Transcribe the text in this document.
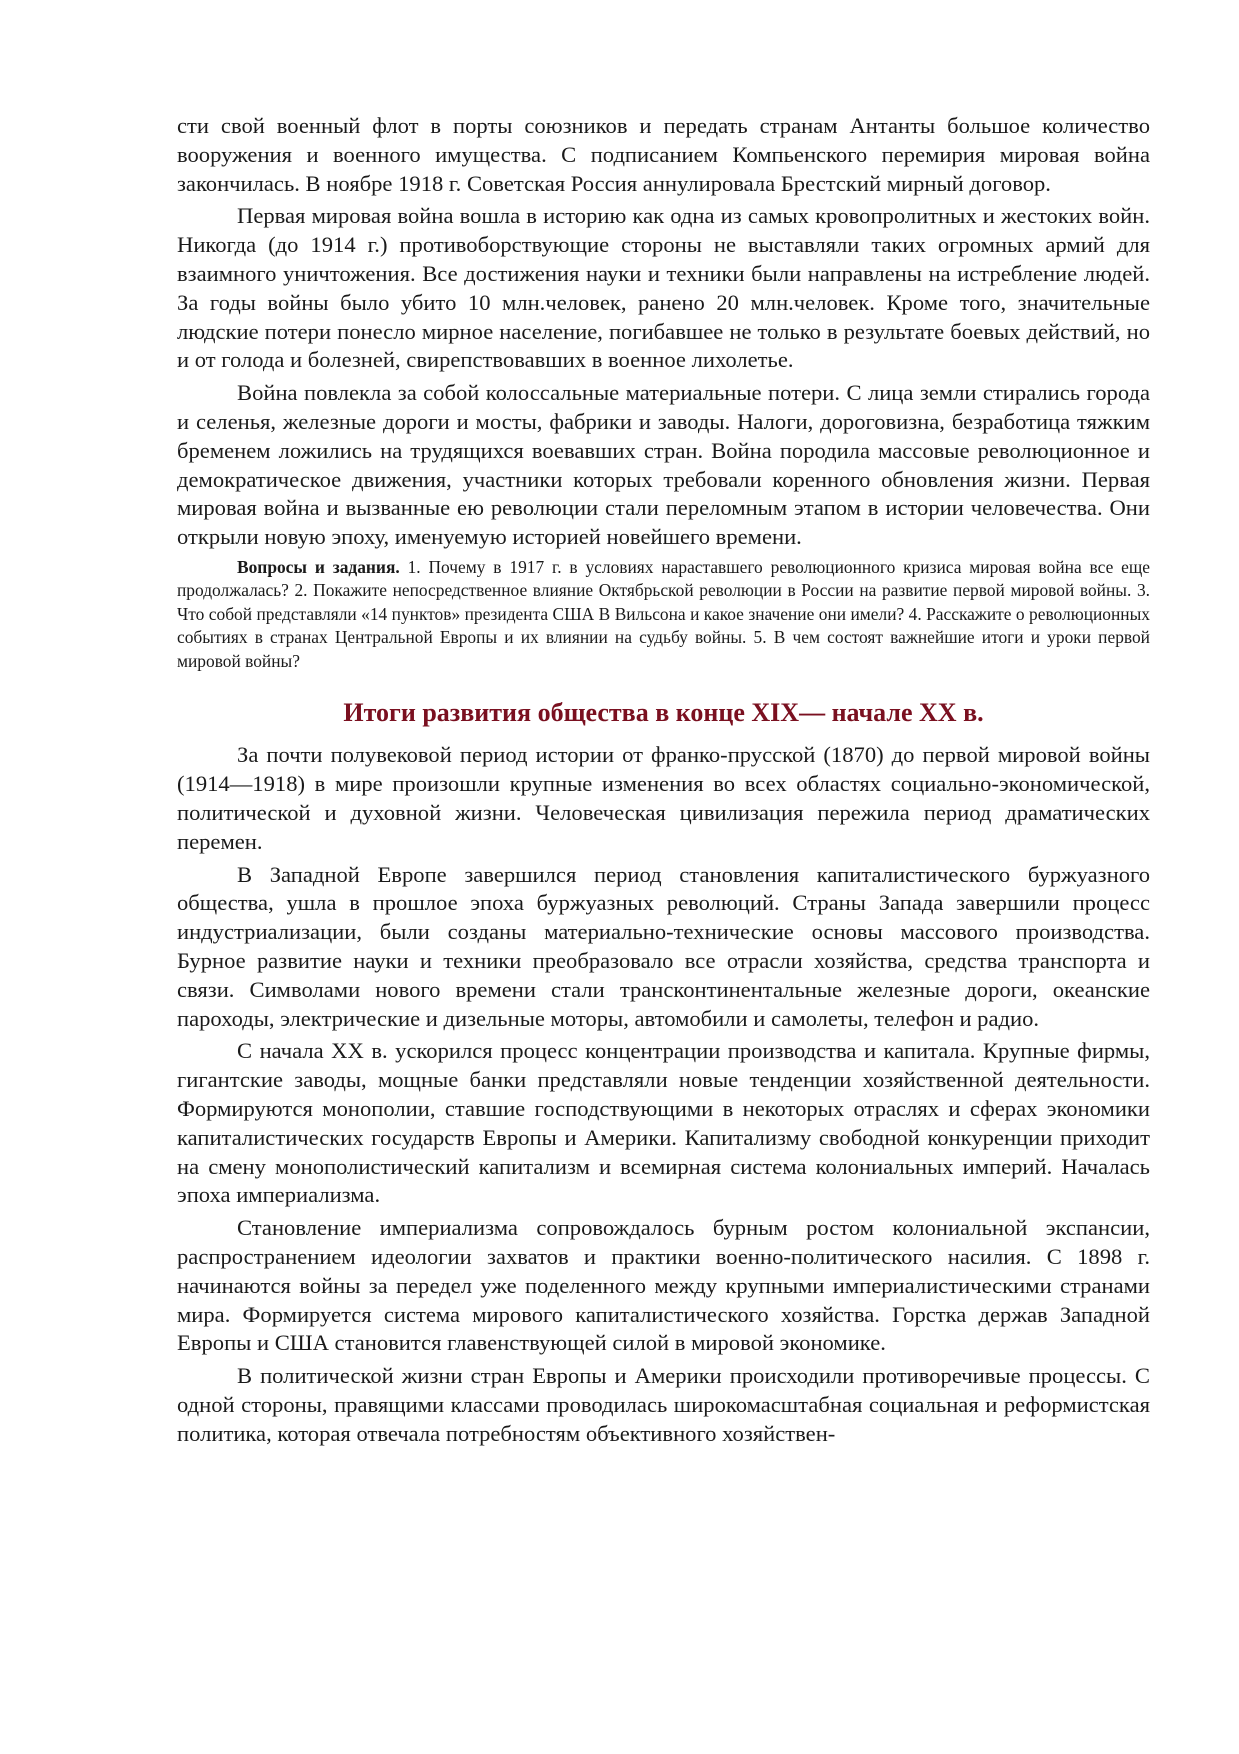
сти свой военный флот в порты союзников и передать странам Антанты большое количество вооружения и военного имущества. С подписанием Компьенского перемирия мировая война закончилась. В ноябре 1918 г. Советская Россия аннулировала Брестский мирный договор.

Первая мировая война вошла в историю как одна из самых кровопролитных и жестоких войн. Никогда (до 1914 г.) противоборствующие стороны не выставляли таких огромных армий для взаимного уничтожения. Все достижения науки и техники были направлены на истребление людей. За годы войны было убито 10 млн.человек, ранено 20 млн.человек. Кроме того, значительные людские потери понесло мирное население, погибавшее не только в результате боевых действий, но и от голода и болезней, свирепствовавших в военное лихолетье.

Война повлекла за собой колоссальные материальные потери. С лица земли стирались города и селенья, железные дороги и мосты, фабрики и заводы. Налоги, дороговизна, безработица тяжким бременем ложились на трудящихся воевавших стран. Война породила массовые революционное и демократическое движения, участники которых требовали коренного обновления жизни. Первая мировая война и вызванные ею революции стали переломным этапом в истории человечества. Они открыли новую эпоху, именуемую историей новейшего времени.

Вопросы и задания. 1. Почему в 1917 г. в условиях нараставшего революционного кризиса мировая война все еще продолжалась? 2. Покажите непосредственное влияние Октябрьской революции в России на развитие первой мировой войны. 3. Что собой представляли «14 пунктов» президента США В Вильсона и какое значение они имели? 4. Расскажите о революционных событиях в странах Центральной Европы и их влиянии на судьбу войны. 5. В чем состоят важнейшие итоги и уроки первой мировой войны?

Итоги развития общества в конце XIX— начале XX в.

За почти полувековой период истории от франко-прусской (1870) до первой мировой войны (1914—1918) в мире произошли крупные изменения во всех областях социально-экономической, политической и духовной жизни. Человеческая цивилизация пережила период драматических перемен.

В Западной Европе завершился период становления капиталистического буржуазного общества, ушла в прошлое эпоха буржуазных революций. Страны Запада завершили процесс индустриализации, были созданы материально-технические основы массового производства. Бурное развитие науки и техники преобразовало все отрасли хозяйства, средства транспорта и связи. Символами нового времени стали трансконтинентальные железные дороги, океанские пароходы, электрические и дизельные моторы, автомобили и самолеты, телефон и радио.

С начала XX в. ускорился процесс концентрации производства и капитала. Крупные фирмы, гигантские заводы, мощные банки представляли новые тенденции хозяйственной деятельности. Формируются монополии, ставшие господствующими в некоторых отраслях и сферах экономики капиталистических государств Европы и Америки. Капитализму свободной конкуренции приходит на смену монополистический капитализм и всемирная система колониальных империй. Началась эпоха империализма.

Становление империализма сопровождалось бурным ростом колониальной экспансии, распространением идеологии захватов и практики военно-политического насилия. С 1898 г. начинаются войны за передел уже поделенного между крупными империалистическими странами мира. Формируется система мирового капиталистического хозяйства. Горстка держав Западной Европы и США становится главенствующей силой в мировой экономике.

В политической жизни стран Европы и Америки происходили противоречивые процессы. С одной стороны, правящими классами проводилась широкомасштабная социальная и реформистская политика, которая отвечала потребностям объективного хозяйствен-
